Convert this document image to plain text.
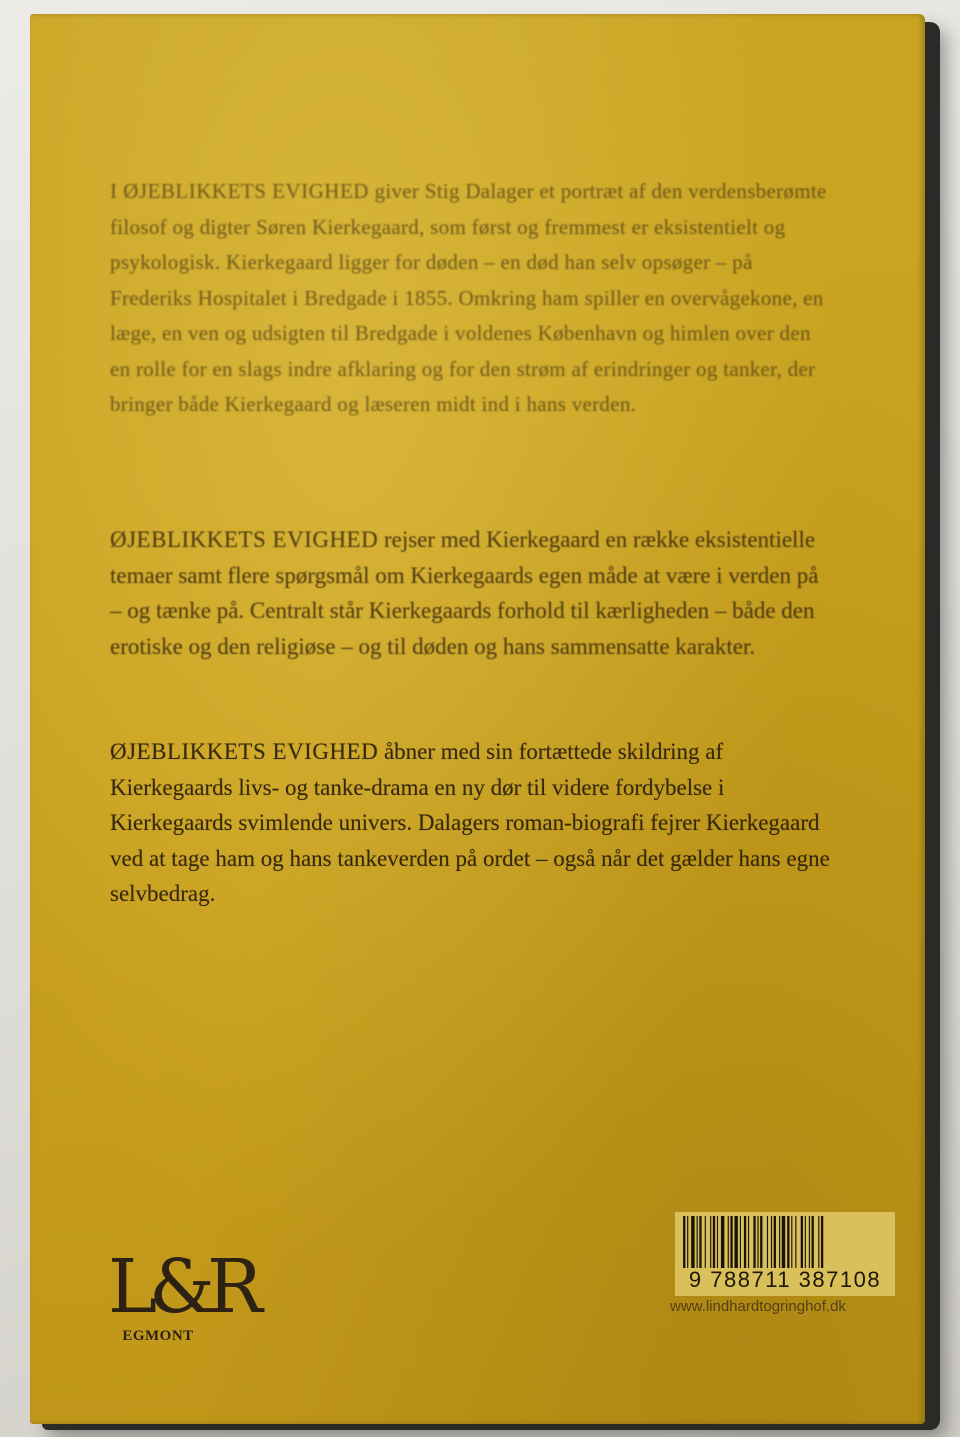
I ØJEBLIKKETS EVIGHED giver Stig Dalager et portræt af den verdensberømte filosof og digter Søren Kierkegaard, som først og fremmest er eksistentielt og psykologisk. Kierkegaard ligger for døden – en død han selv opsøger – på Frederiks Hospitalet i Bredgade i 1855. Omkring ham spiller en overvågekone, en læge, en ven og udsigten til Bredgade i voldenes København og himlen over den en rolle for en slags indre afklaring og for den strøm af erindringer og tanker, der bringer både Kierkegaard og læseren midt ind i hans verden.

ØJEBLIKKETS EVIGHED rejser med Kierkegaard en række eksistentielle temaer samt flere spørgsmål om Kierkegaards egen måde at være i verden på – og tænke på. Centralt står Kierkegaards forhold til kærligheden – både den erotiske og den religiøse – og til døden og hans sammensatte karakter.

ØJEBLIKKETS EVIGHED åbner med sin fortættede skildring af Kierkegaards livs- og tanke-drama en ny dør til videre fordybelse i Kierkegaards svimlende univers. Dalagers roman-biografi fejrer Kierkegaard ved at tage ham og hans tankeverden på ordet – også når det gælder hans egne selvbedrag.

L&R
EGMONT
9 788711 387108
www.lindhardtogringhof.dk
